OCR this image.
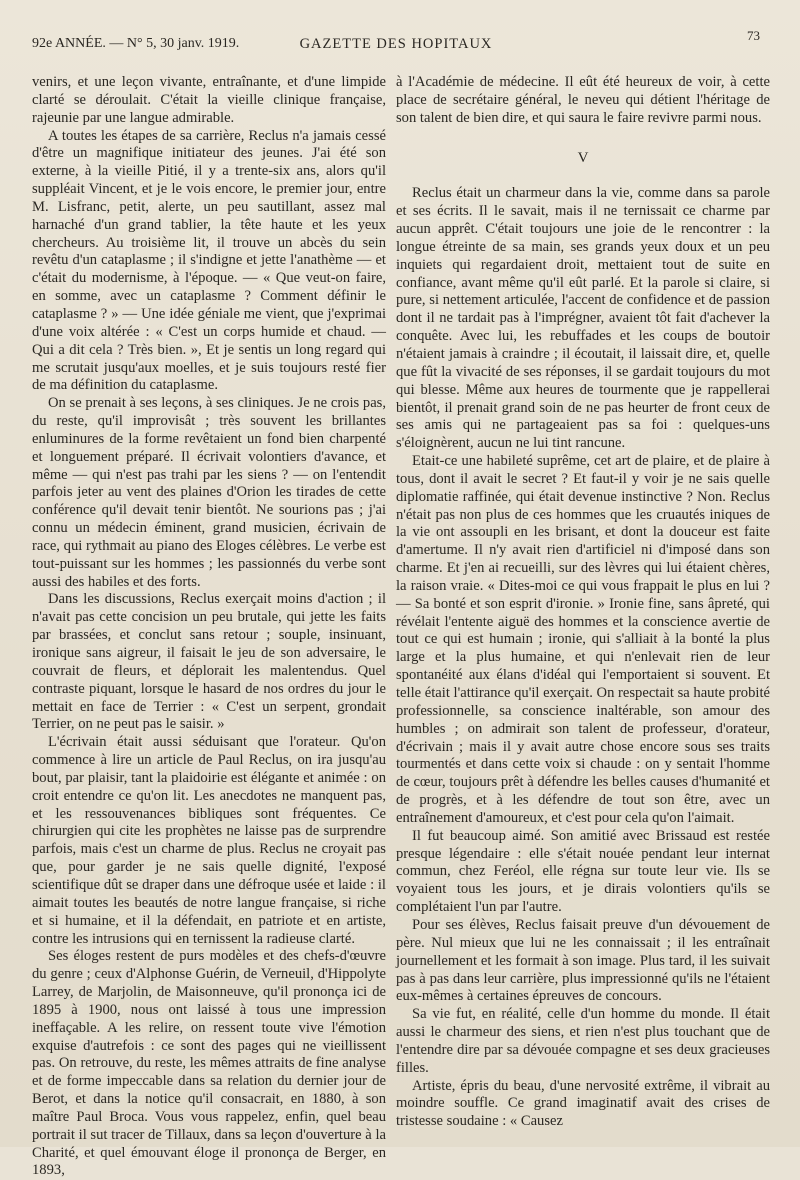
92e ANNÉE. — N° 5, 30 janv. 1919.	GAZETTE DES HOPITAUX
73

venirs, et une leçon vivante, entraînante, et d'une limpide clarté se déroulait. C'était la vieille clinique française, rajeunie par une langue admirable.

A toutes les étapes de sa carrière, Reclus n'a jamais cessé d'être un magnifique initiateur des jeunes. J'ai été son externe, à la vieille Pitié, il y a trente-six ans, alors qu'il suppléait Vincent, et je le vois encore, le premier jour, entre M. Lisfranc, petit, alerte, un peu sautillant, assez mal harnaché d'un grand tablier, la tête haute et les yeux chercheurs. Au troisième lit, il trouve un abcès du sein revêtu d'un cataplasme ; il s'indigne et jette l'anathème — et c'était du modernisme, à l'époque. — « Que veut-on faire, en somme, avec un cataplasme ? Comment définir le cataplasme ? » — Une idée géniale me vient, que j'exprimai d'une voix altérée : « C'est un corps humide et chaud. — Qui a dit cela ? Très bien. », Et je sentis un long regard qui me scrutait jusqu'aux moelles, et je suis toujours resté fier de ma définition du cataplasme.

On se prenait à ses leçons, à ses cliniques. Je ne crois pas, du reste, qu'il improvisât ; très souvent les brillantes enluminures de la forme revêtaient un fond bien charpenté et longuement préparé. Il écrivait volontiers d'avance, et même — qui n'est pas trahi par les siens ? — on l'entendit parfois jeter au vent des plaines d'Orion les tirades de cette conférence qu'il devait tenir bientôt. Ne sourions pas ; j'ai connu un médecin éminent, grand musicien, écrivain de race, qui rythmait au piano des Eloges célèbres. Le verbe est tout-puissant sur les hommes ; les passionnés du verbe sont aussi des habiles et des forts.

Dans les discussions, Reclus exerçait moins d'action ; il n'avait pas cette concision un peu brutale, qui jette les faits par brassées, et conclut sans retour ; souple, insinuant, ironique sans aigreur, il faisait le jeu de son adversaire, le couvrait de fleurs, et déplorait les malentendus. Quel contraste piquant, lorsque le hasard de nos ordres du jour le mettait en face de Terrier : « C'est un serpent, grondait Terrier, on ne peut pas le saisir. »

L'écrivain était aussi séduisant que l'orateur. Qu'on commence à lire un article de Paul Reclus, on ira jusqu'au bout, par plaisir, tant la plaidoirie est élégante et animée : on croit entendre ce qu'on lit. Les anecdotes ne manquent pas, et les ressouvenances bibliques sont fréquentes. Ce chirurgien qui cite les prophètes ne laisse pas de surprendre parfois, mais c'est un charme de plus. Reclus ne croyait pas que, pour garder je ne sais quelle dignité, l'exposé scientifique dût se draper dans une défroque usée et laide : il aimait toutes les beautés de notre langue française, si riche et si humaine, et il la défendait, en patriote et en artiste, contre les intrusions qui en ternissent la radieuse clarté.

Ses éloges restent de purs modèles et des chefs-d'œuvre du genre ; ceux d'Alphonse Guérin, de Verneuil, d'Hippolyte Larrey, de Marjolin, de Maisonneuve, qu'il prononça ici de 1895 à 1900, nous ont laissé à tous une impression ineffaçable. A les relire, on ressent toute vive l'émotion exquise d'autrefois : ce sont des pages qui ne vieillissent pas. On retrouve, du reste, les mêmes attraits de fine analyse et de forme impeccable dans sa relation du dernier jour de Berot, et dans la notice qu'il consacrait, en 1880, à son maître Paul Broca. Vous vous rappelez, enfin, quel beau portrait il sut tracer de Tillaux, dans sa leçon d'ouverture à la Charité, et quel émouvant éloge il prononça de Berger, en 1893,

à l'Académie de médecine. Il eût été heureux de voir, à cette place de secrétaire général, le neveu qui détient l'héritage de son talent de bien dire, et qui saura le faire revivre parmi nous.

V

Reclus était un charmeur dans la vie, comme dans sa parole et ses écrits. Il le savait, mais il ne ternissait ce charme par aucun apprêt. C'était toujours une joie de le rencontrer : la longue étreinte de sa main, ses grands yeux doux et un peu inquiets qui regardaient droit, mettaient tout de suite en confiance, avant même qu'il eût parlé. Et la parole si claire, si pure, si nettement articulée, l'accent de confidence et de passion dont il ne tardait pas à l'imprégner, avaient tôt fait d'achever la conquête. Avec lui, les rebuffades et les coups de boutoir n'étaient jamais à craindre ; il écoutait, il laissait dire, et, quelle que fût la vivacité de ses réponses, il se gardait toujours du mot qui blesse. Même aux heures de tourmente que je rappellerai bientôt, il prenait grand soin de ne pas heurter de front ceux de ses amis qui ne partageaient pas sa foi : quelques-uns s'éloignèrent, aucun ne lui tint rancune.

Etait-ce une habileté suprême, cet art de plaire, et de plaire à tous, dont il avait le secret ? Et faut-il y voir je ne sais quelle diplomatie raffinée, qui était devenue instinctive ? Non. Reclus n'était pas non plus de ces hommes que les cruautés iniques de la vie ont assoupli en les brisant, et dont la douceur est faite d'amertume. Il n'y avait rien d'artificiel ni d'imposé dans son charme. Et j'en ai recueilli, sur des lèvres qui lui étaient chères, la raison vraie. « Dites-moi ce qui vous frappait le plus en lui ? — Sa bonté et son esprit d'ironie. » Ironie fine, sans âpreté, qui révélait l'entente aiguë des hommes et la conscience avertie de tout ce qui est humain ; ironie, qui s'alliait à la bonté la plus large et la plus humaine, et qui n'enlevait rien de leur spontanéité aux élans d'idéal qui l'emportaient si souvent. Et telle était l'attirance qu'il exerçait. On respectait sa haute probité professionnelle, sa conscience inaltérable, son amour des humbles ; on admirait son talent de professeur, d'orateur, d'écrivain ; mais il y avait autre chose encore sous ses traits tourmentés et dans cette voix si chaude : on y sentait l'homme de cœur, toujours prêt à défendre les belles causes d'humanité et de progrès, et à les défendre de tout son être, avec un entraînement d'amoureux, et c'est pour cela qu'on l'aimait.

Il fut beaucoup aimé. Son amitié avec Brissaud est restée presque légendaire : elle s'était nouée pendant leur internat commun, chez Feréol, elle régna sur toute leur vie. Ils se voyaient tous les jours, et je dirais volontiers qu'ils se complétaient l'un par l'autre.

Pour ses élèves, Reclus faisait preuve d'un dévouement de père. Nul mieux que lui ne les connaissait ; il les entraînait journellement et les formait à son image. Plus tard, il les suivait pas à pas dans leur carrière, plus impressionné qu'ils ne l'étaient eux-mêmes à certaines épreuves de concours.

Sa vie fut, en réalité, celle d'un homme du monde. Il était aussi le charmeur des siens, et rien n'est plus touchant que de l'entendre dire par sa dévouée compagne et ses deux gracieuses filles.

Artiste, épris du beau, d'une nervosité extrême, il vibrait au moindre souffle. Ce grand imaginatif avait des crises de tristesse soudaine : « Causez
